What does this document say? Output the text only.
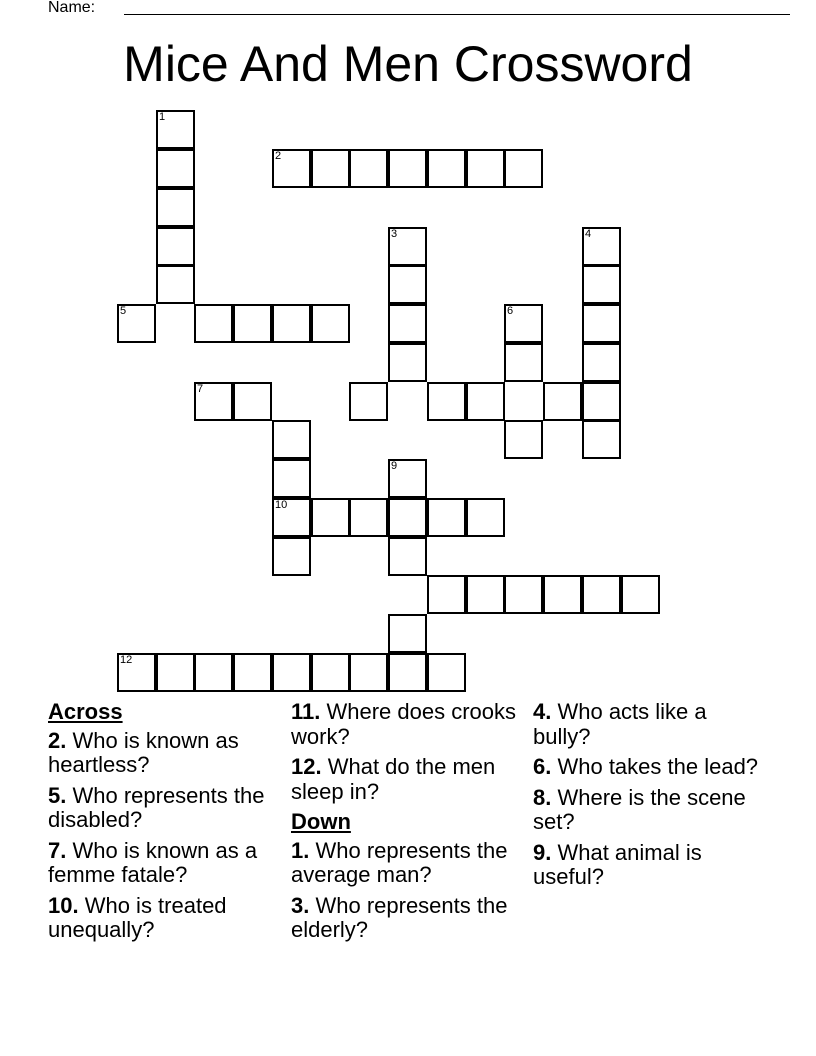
Name:
Mice And Men Crossword
1
2
3	4
5	6
7
9
10
12
Across
2. Who is known as heartless?
5. Who represents the disabled?
7. Who is known as a femme fatale?
10. Who is treated unequally?
11. Where does crooks work?
12. What do the men sleep in?
Down
1. Who represents the average man?
3. Who represents the elderly?
4. Who acts like a bully?
6. Who takes the lead?
8. Where is the scene set?
9. What animal is useful?
